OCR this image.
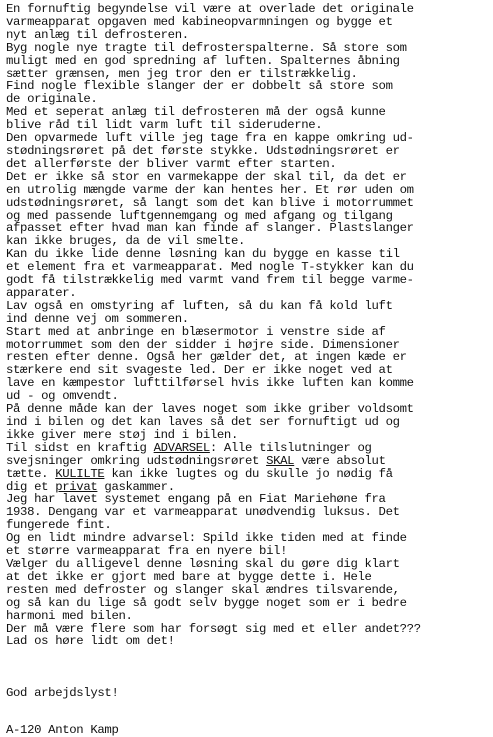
En fornuftig begyndelse vil være at overlade det originale
varmeapparat opgaven med kabineopvarmningen og bygge et
nyt anlæg til defrosteren.
Byg nogle nye tragte til defrosterspalterne. Så store som
muligt med en god spredning af luften. Spalternes åbning
sætter grænsen, men jeg tror den er tilstrækkelig.
Find nogle flexible slanger der er dobbelt så store som
de originale.
Med et seperat anlæg til defrosteren må der også kunne
blive råd til lidt varm luft til sideruderne.
Den opvarmede luft ville jeg tage fra en kappe omkring ud-
stødningsrøret på det første stykke. Udstødningsrøret er
det allerførste der bliver varmt efter starten.
Det er ikke så stor en varmekappe der skal til, da det er
en utrolig mængde varme der kan hentes her. Et rør uden om
udstødningsrøret, så langt som det kan blive i motorrummet
og med passende luftgennemgang og med afgang og tilgang
afpasset efter hvad man kan finde af slanger. Plastslanger
kan ikke bruges, da de vil smelte.
Kan du ikke lide denne løsning kan du bygge en kasse til
et element fra et varmeapparat. Med nogle T-stykker kan du
godt få tilstrækkelig med varmt vand frem til begge varme-
apparater.
Lav også en omstyring af luften, så du kan få kold luft
ind denne vej om sommeren.
Start med at anbringe en blæsermotor i venstre side af
motorrummet som den der sidder i højre side. Dimensioner
resten efter denne. Også her gælder det, at ingen kæde er
stærkere end sit svageste led. Der er ikke noget ved at
lave en kæmpestor lufttilførsel hvis ikke luften kan komme
ud - og omvendt.
På denne måde kan der laves noget som ikke griber voldsomt
ind i bilen og det kan laves så det ser fornuftigt ud og
ikke giver mere støj ind i bilen.
Til sidst en kraftig ADVARSEL: Alle tilslutninger og
svejsninger omkring udstødningsrøret SKAL være absolut
tætte. KULILTE kan ikke lugtes og du skulle jo nødig få
dig et privat gaskammer.
Jeg har lavet systemet engang på en Fiat Mariehøne fra
1938. Dengang var et varmeapparat unødvendig luksus. Det
fungerede fint.
Og en lidt mindre advarsel: Spild ikke tiden med at finde
et større varmeapparat fra en nyere bil!
Vælger du alligevel denne løsning skal du gøre dig klart
at det ikke er gjort med bare at bygge dette i. Hele
resten med defroster og slanger skal ændres tilsvarende,
og så kan du lige så godt selv bygge noget som er i bedre
harmoni med bilen.
Der må være flere som har forsøgt sig med et eller andet???
Lad os høre lidt om det!
God arbejdslyst!
A-120 Anton Kamp
